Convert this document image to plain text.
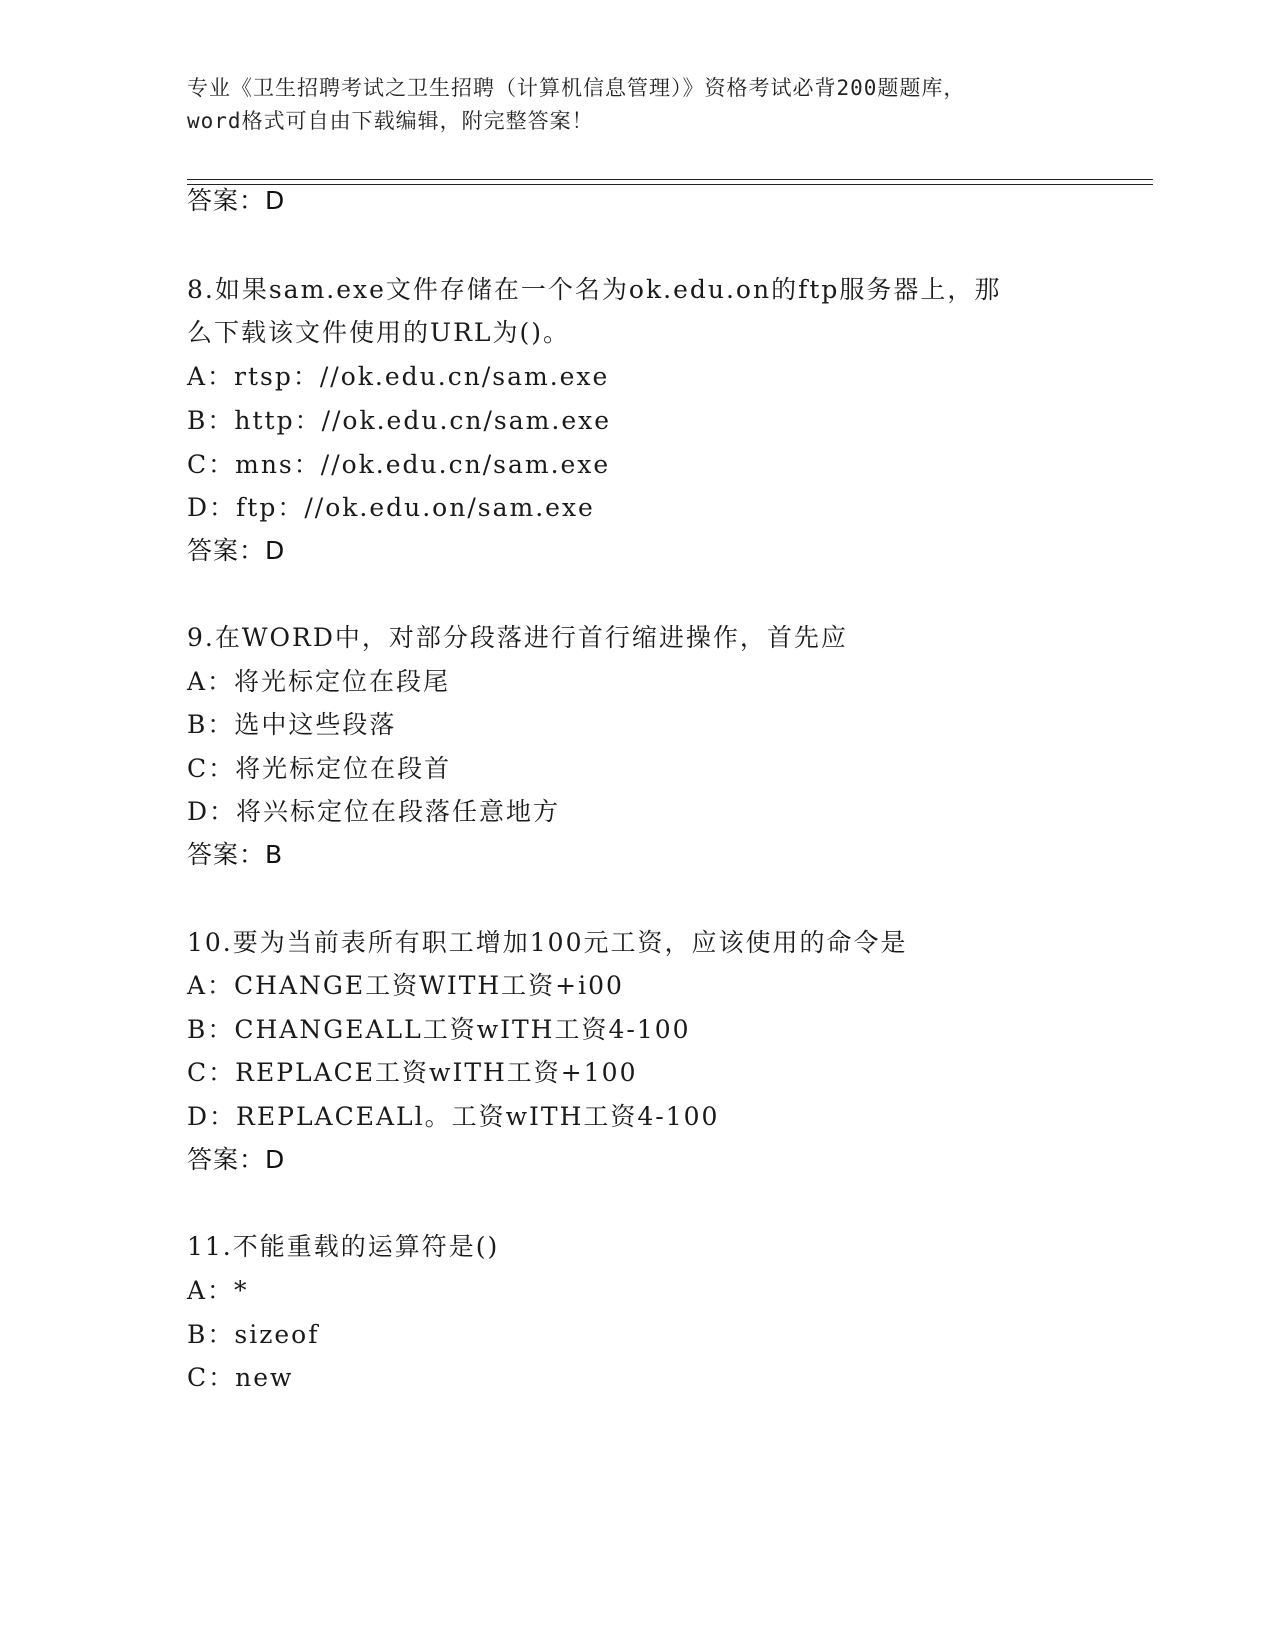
专业《卫生招聘考试之卫生招聘（计算机信息管理）》资格考试必背200题题库，
word格式可自由下载编辑，附完整答案！
答案：D
8.如果sam.exe文件存储在一个名为ok.edu.on的ftp服务器上，那
么下载该文件使用的URL为()。
A：rtsp：//ok.edu.cn/sam.exe
B：http：//ok.edu.cn/sam.exe
C：mns：//ok.edu.cn/sam.exe
D：ftp：//ok.edu.on/sam.exe
答案：D
9.在WORD中，对部分段落进行首行缩进操作，首先应
A：将光标定位在段尾
B：选中这些段落
C：将光标定位在段首
D：将兴标定位在段落任意地方
答案：B
10.要为当前表所有职工增加100元工资，应该使用的命令是
A：CHANGE工资WITH工资+i00
B：CHANGEALL工资wITH工资4-100
C：REPLACE工资wITH工资+100
D：REPLACEALl。工资wITH工资4-100
答案：D
11.不能重载的运算符是()
A：*
B：sizeof
C：new
